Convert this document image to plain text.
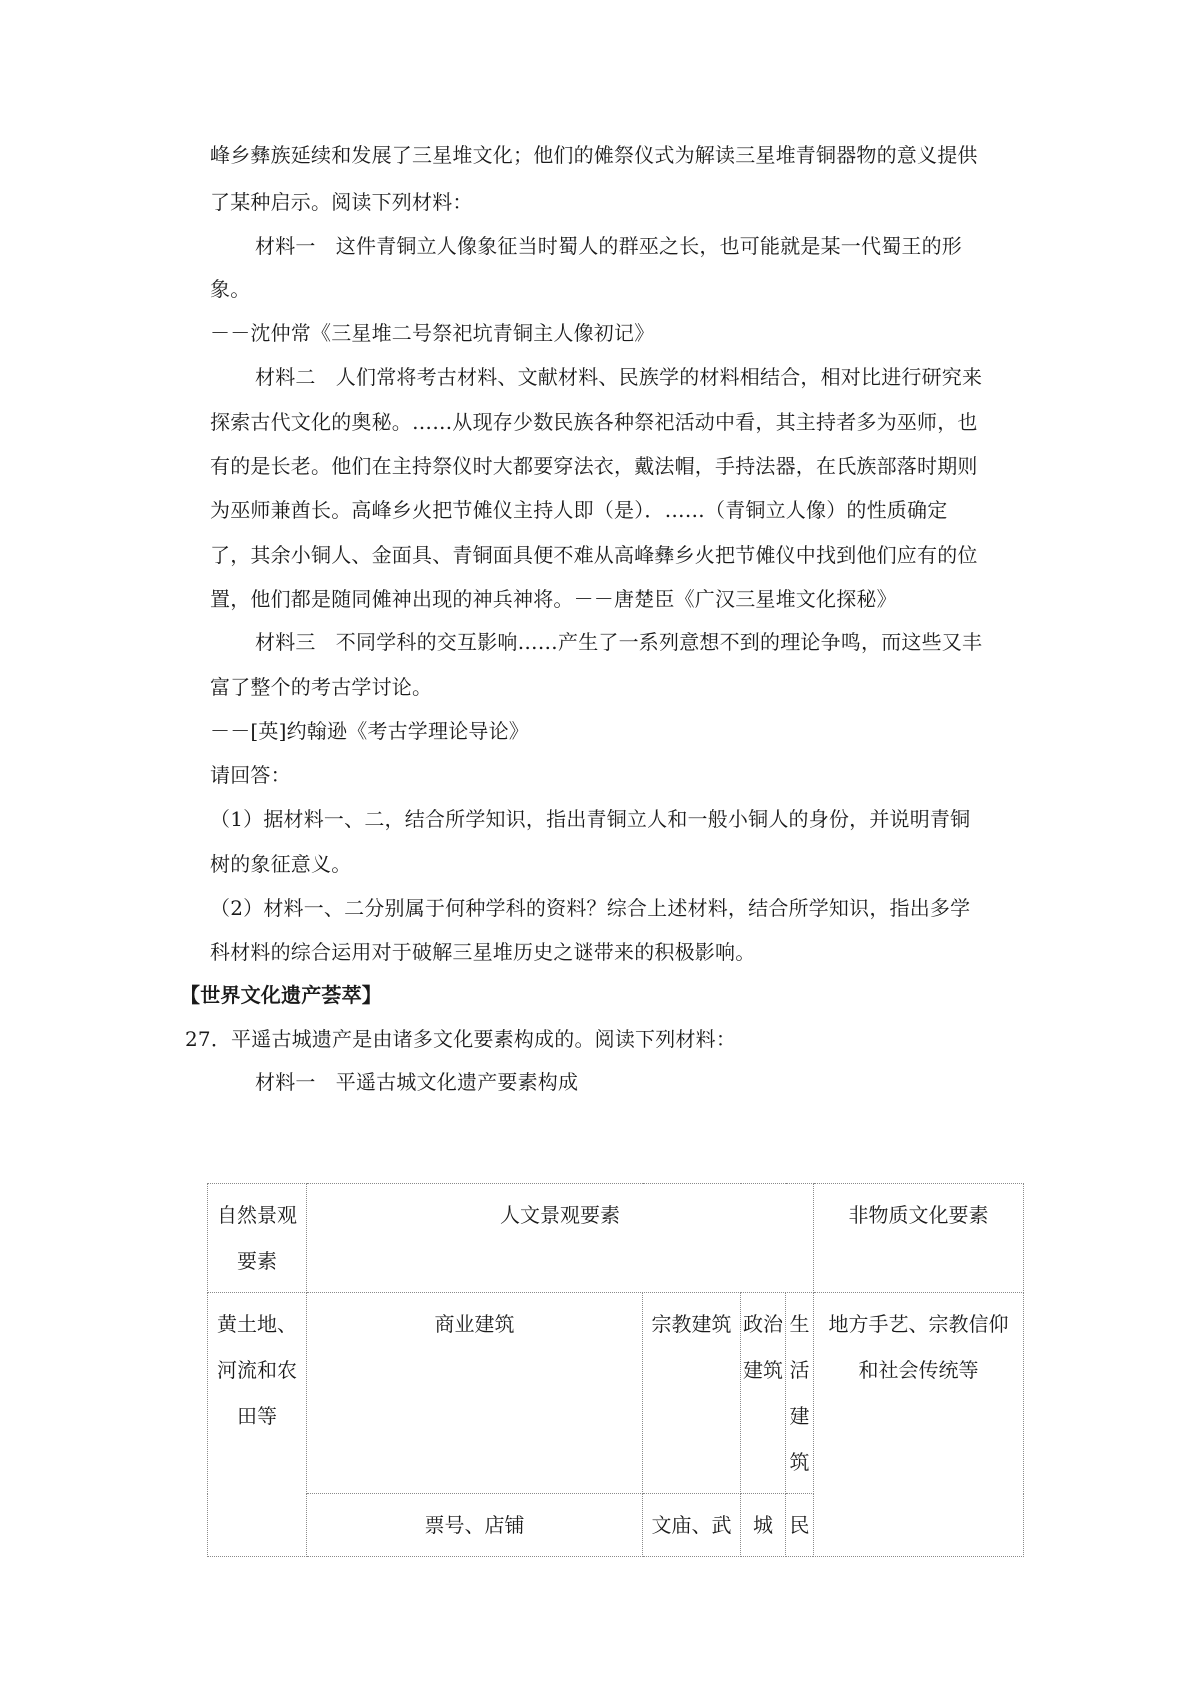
峰乡彝族延续和发展了三星堆文化；他们的傩祭仪式为解读三星堆青铜器物的意义提供
了某种启示。阅读下列材料：
材料一　这件青铜立人像象征当时蜀人的群巫之长，也可能就是某一代蜀王的形
象。
－－沈仲常《三星堆二号祭祀坑青铜主人像初记》
材料二　人们常将考古材料、文献材料、民族学的材料相结合，相对比进行研究来
探索古代文化的奥秘。……从现存少数民族各种祭祀活动中看，其主持者多为巫师，也
有的是长老。他们在主持祭仪时大都要穿法衣，戴法帽，手持法器，在氏族部落时期则
为巫师兼酋长。高峰乡火把节傩仪主持人即（是）．……（青铜立人像）的性质确定
了，其余小铜人、金面具、青铜面具便不难从高峰彝乡火把节傩仪中找到他们应有的位
置，他们都是随同傩神出现的神兵神将。－－唐楚臣《广汉三星堆文化探秘》
材料三　不同学科的交互影响……产生了一系列意想不到的理论争鸣，而这些又丰
富了整个的考古学讨论。
－－[英]约翰逊《考古学理论导论》
请回答：
（1）据材料一、二，结合所学知识，指出青铜立人和一般小铜人的身份，并说明青铜
树的象征意义。
（2）材料一、二分别属于何种学科的资料？综合上述材料，结合所学知识，指出多学
科材料的综合运用对于破解三星堆历史之谜带来的积极影响。
【世界文化遗产荟萃】
27．平遥古城遗产是由诸多文化要素构成的。阅读下列材料：
材料一　平遥古城文化遗产要素构成
自然景观要素	人文景观要素				非物质文化要素
黄土地、河流和农田等	商业建筑	宗教建筑	政治建筑	生活建筑	地方手艺、宗教信仰和社会传统等
	票号、店铺	文庙、武	城	民	
